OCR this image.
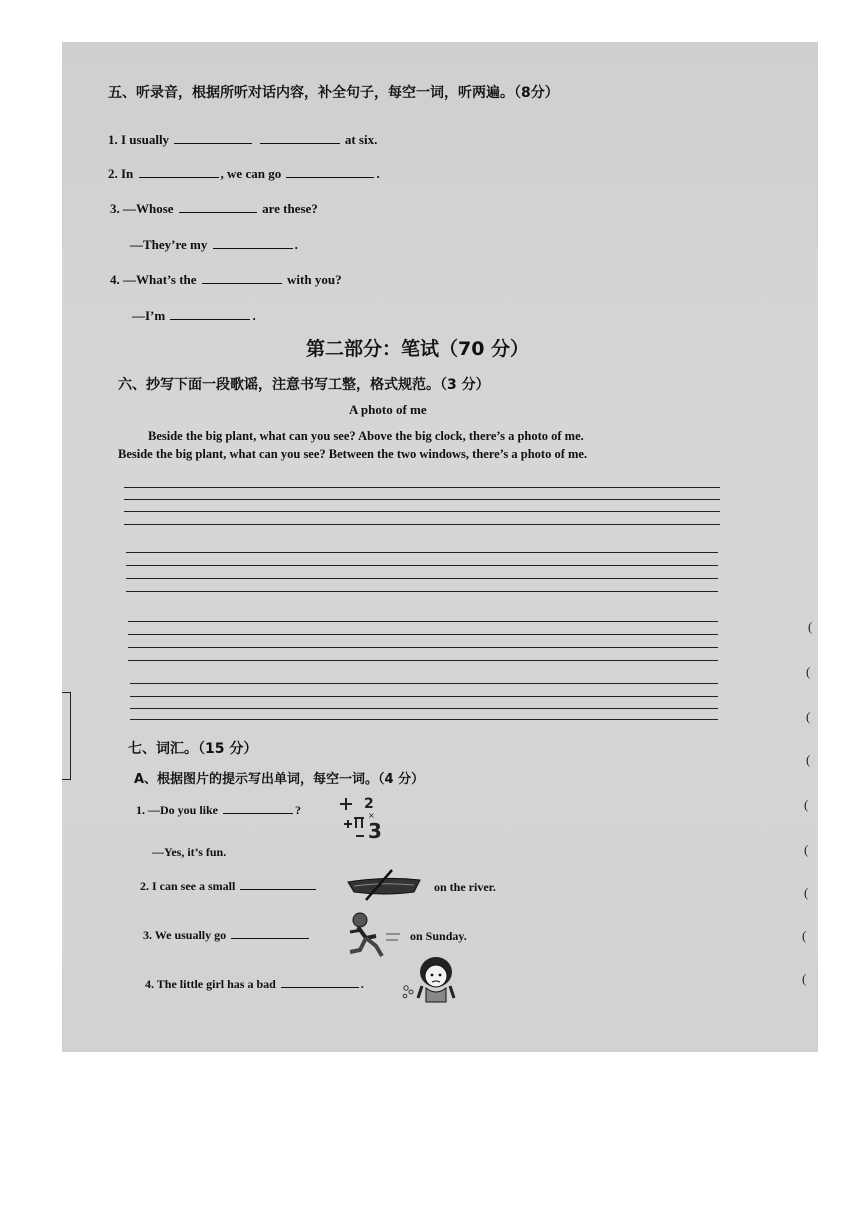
五、听录音，根据所听对话内容，补全句子，每空一词，听两遍。（8分）
1. I usually	at six.
2. In	, we can go	.
3. —Whose	are these?
—They’re my	.
4. —What’s the	with you?
—I’m	.
第二部分：笔试（70 分）
六、抄写下面一段歌谣，注意书写工整，格式规范。（3 分）
A photo of me
Beside the big plant, what can you see? Above the big clock, there’s a photo of me.
Beside the big plant, what can you see? Between the two windows, there’s a photo of me.
七、词汇。（15 分）
A、根据图片的提示写出单词，每空一词。（4 分）
1. —Do you like	?	2
3
×
—Yes, it’s fun.
2. I can see a small	on the river.
3. We usually go	on Sunday.
4. The little girl has a bad	.
(
(
(
(
(
(
(
(
(
